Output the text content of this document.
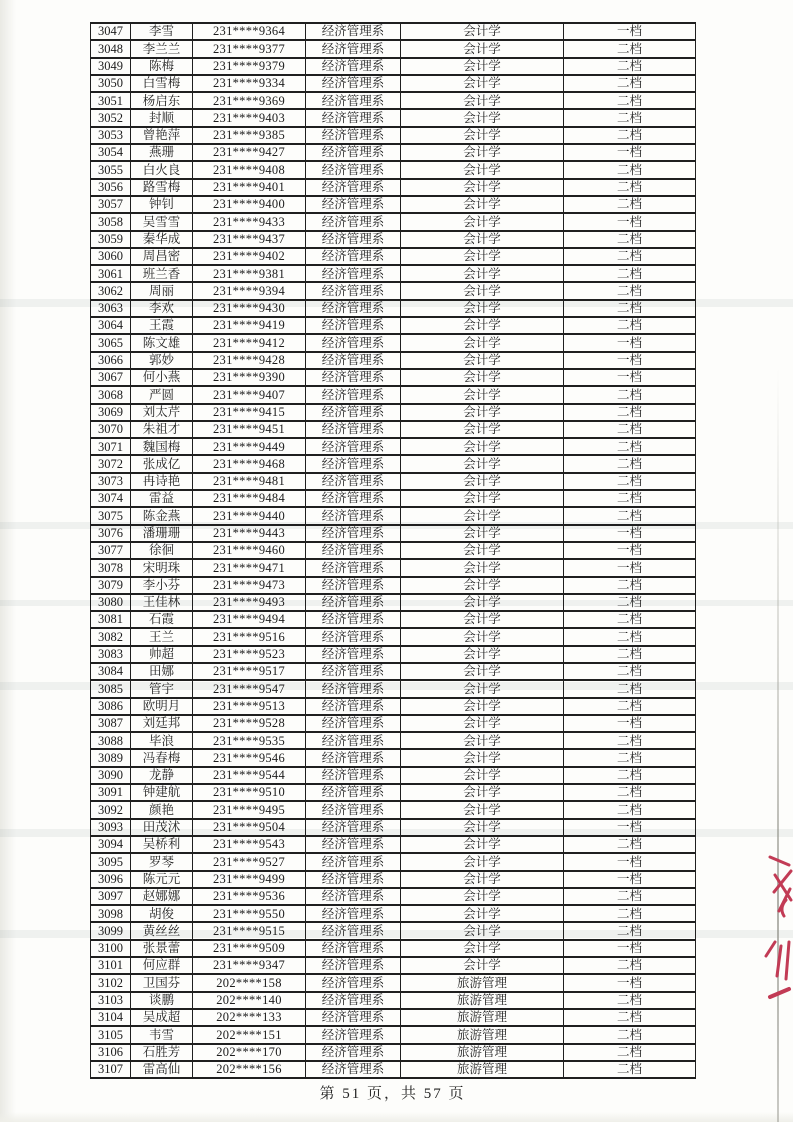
3047	李雪	231****9364	经济管理系	会计学	一档
3048	李兰兰	231****9377	经济管理系	会计学	二档
3049	陈梅	231****9379	经济管理系	会计学	二档
3050	白雪梅	231****9334	经济管理系	会计学	二档
3051	杨启东	231****9369	经济管理系	会计学	二档
3052	封顺	231****9403	经济管理系	会计学	二档
3053	曾艳萍	231****9385	经济管理系	会计学	二档
3054	燕珊	231****9427	经济管理系	会计学	一档
3055	白火良	231****9408	经济管理系	会计学	二档
3056	路雪梅	231****9401	经济管理系	会计学	二档
3057	钟钊	231****9400	经济管理系	会计学	二档
3058	吴雪雪	231****9433	经济管理系	会计学	一档
3059	秦华成	231****9437	经济管理系	会计学	二档
3060	周昌密	231****9402	经济管理系	会计学	二档
3061	班兰香	231****9381	经济管理系	会计学	二档
3062	周丽	231****9394	经济管理系	会计学	二档
3063	李欢	231****9430	经济管理系	会计学	二档
3064	王霞	231****9419	经济管理系	会计学	二档
3065	陈文雄	231****9412	经济管理系	会计学	一档
3066	郭妙	231****9428	经济管理系	会计学	一档
3067	何小燕	231****9390	经济管理系	会计学	一档
3068	严圆	231****9407	经济管理系	会计学	二档
3069	刘太芹	231****9415	经济管理系	会计学	二档
3070	朱祖才	231****9451	经济管理系	会计学	二档
3071	魏国梅	231****9449	经济管理系	会计学	二档
3072	张成亿	231****9468	经济管理系	会计学	二档
3073	冉诗艳	231****9481	经济管理系	会计学	二档
3074	雷益	231****9484	经济管理系	会计学	二档
3075	陈金燕	231****9440	经济管理系	会计学	二档
3076	潘珊珊	231****9443	经济管理系	会计学	一档
3077	徐徊	231****9460	经济管理系	会计学	一档
3078	宋明珠	231****9471	经济管理系	会计学	一档
3079	李小芬	231****9473	经济管理系	会计学	二档
3080	王佳林	231****9493	经济管理系	会计学	二档
3081	石霞	231****9494	经济管理系	会计学	二档
3082	王兰	231****9516	经济管理系	会计学	二档
3083	帅超	231****9523	经济管理系	会计学	二档
3084	田娜	231****9517	经济管理系	会计学	二档
3085	管宇	231****9547	经济管理系	会计学	二档
3086	欧明月	231****9513	经济管理系	会计学	二档
3087	刘廷邦	231****9528	经济管理系	会计学	一档
3088	毕浪	231****9535	经济管理系	会计学	二档
3089	冯春梅	231****9546	经济管理系	会计学	二档
3090	龙静	231****9544	经济管理系	会计学	二档
3091	钟建航	231****9510	经济管理系	会计学	二档
3092	颜艳	231****9495	经济管理系	会计学	二档
3093	田茂沭	231****9504	经济管理系	会计学	一档
3094	吴桥利	231****9543	经济管理系	会计学	二档
3095	罗琴	231****9527	经济管理系	会计学	一档
3096	陈元元	231****9499	经济管理系	会计学	一档
3097	赵娜娜	231****9536	经济管理系	会计学	二档
3098	胡俊	231****9550	经济管理系	会计学	二档
3099	黄丝丝	231****9515	经济管理系	会计学	二档
3100	张景蕾	231****9509	经济管理系	会计学	一档
3101	何应群	231****9347	经济管理系	会计学	二档
3102	卫国芬	202****158	经济管理系	旅游管理	一档
3103	谈鹏	202****140	经济管理系	旅游管理	二档
3104	吴成超	202****133	经济管理系	旅游管理	二档
3105	韦雪	202****151	经济管理系	旅游管理	二档
3106	石胜芳	202****170	经济管理系	旅游管理	二档
3107	雷高仙	202****156	经济管理系	旅游管理	二档
第 51 页，共 57 页
